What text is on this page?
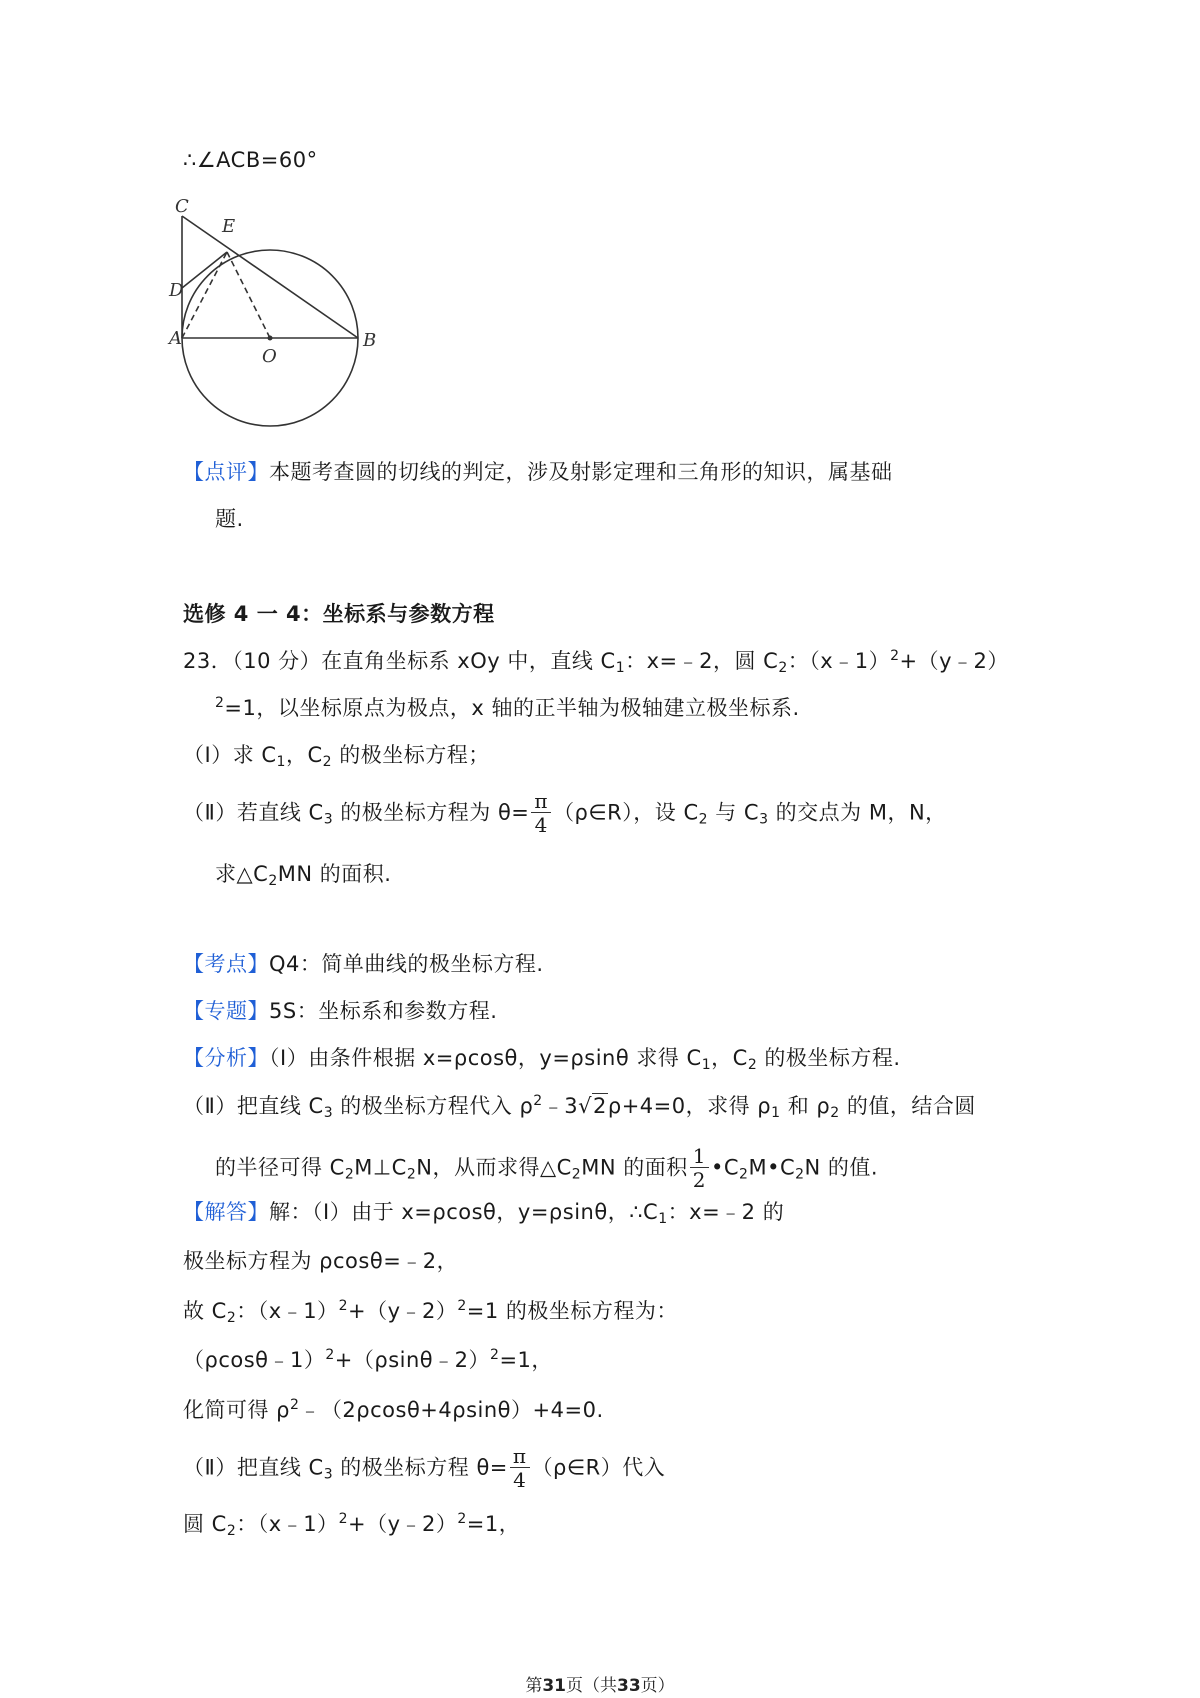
∴∠ACB=60°
C
E
D
A
O
B
【点评】本题考查圆的切线的判定，涉及射影定理和三角形的知识，属基础
题.
选修 4 一 4：坐标系与参数方程
23．（10 分）在直角坐标系 xOy 中，直线 $C_1$：x=﹣2，圆 $C_2$：（x﹣1）$^2$+（y﹣2）
$^2$=1，以坐标原点为极点，x 轴的正半轴为极轴建立极坐标系.
（Ⅰ）求 $C_1$，$C_2$ 的极坐标方程；
（Ⅱ）若直线 $C_3$ 的极坐标方程为 $\theta= \frac{\pi}{4}$ （ρ∈R），设 $C_2$ 与 $C_3$ 的交点为 M，N，
求$\triangle C_2MN$ 的面积.
【考点】Q4：简单曲线的极坐标方程.
【专题】5S：坐标系和参数方程.
【分析】（Ⅰ）由条件根据 x=ρcosθ，y=ρsinθ 求得 $C_1$，$C_2$ 的极坐标方程.
（Ⅱ）把直线 $C_3$ 的极坐标方程代入 $\rho^2﹣3√2\rho+4=0$，求得 $\rho_1$ 和 $\rho_2$ 的值，结合圆
的半径可得 $C_2M\perp C_2N$，从而求得$\triangle C_2MN$ 的面积 $\frac{1}{2}$ $•C_2M•C_2N$ 的值.
【解答】解：（Ⅰ）由于 x=ρcosθ，y=ρsinθ，$\therefore C_1$：x=﹣2 的
极坐标方程为 ρcosθ=﹣2，
故 $C_2$：（x﹣1）$^2$+（y﹣2）$^2$=1 的极坐标方程为：
（ρcosθ﹣1）$^2$+（ρsinθ﹣2）$^2$=1，
化简可得 $\rho^2﹣(2\rho\cos\theta+4\rho\sin\theta)+4=0$.
（Ⅱ）把直线 $C_3$ 的极坐标方程 $\theta= \frac{\pi}{4}$ （ρ∈R）代入
圆 $C_2$：（x﹣1）$^2$+（y﹣2）$^2$=1，
第31页（共33页）
